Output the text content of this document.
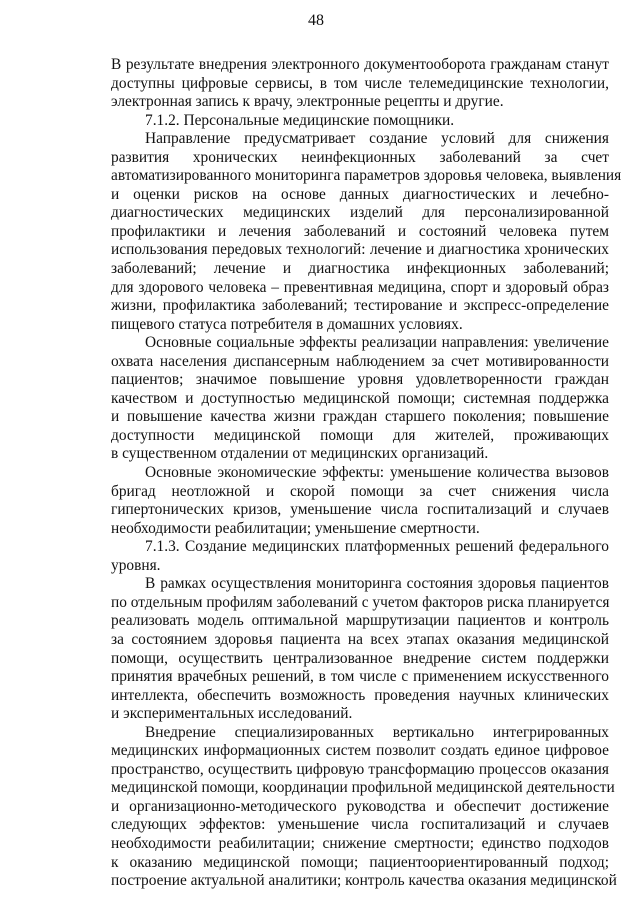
48
В результате внедрения электронного документооборота гражданам станут
доступны цифровые сервисы, в том числе телемедицинские технологии,
электронная запись к врачу, электронные рецепты и другие.
7.1.2. Персональные медицинские помощники.
Направление предусматривает создание условий для снижения
развития хронических неинфекционных заболеваний за счет
автоматизированного мониторинга параметров здоровья человека, выявления
и оценки рисков на основе данных диагностических и лечебно-
диагностических медицинских изделий для персонализированной
профилактики и лечения заболеваний и состояний человека путем
использования передовых технологий: лечение и диагностика хронических
заболеваний; лечение и диагностика инфекционных заболеваний;
для здорового человека – превентивная медицина, спорт и здоровый образ
жизни, профилактика заболеваний; тестирование и экспресс-определение
пищевого статуса потребителя в домашних условиях.
Основные социальные эффекты реализации направления: увеличение
охвата населения диспансерным наблюдением за счет мотивированности
пациентов; значимое повышение уровня удовлетворенности граждан
качеством и доступностью медицинской помощи; системная поддержка
и повышение качества жизни граждан старшего поколения; повышение
доступности медицинской помощи для жителей, проживающих
в существенном отдалении от медицинских организаций.
Основные экономические эффекты: уменьшение количества вызовов
бригад неотложной и скорой помощи за счет снижения числа
гипертонических кризов, уменьшение числа госпитализаций и случаев
необходимости реабилитации; уменьшение смертности.
7.1.3. Создание медицинских платформенных решений федерального
уровня.
В рамках осуществления мониторинга состояния здоровья пациентов
по отдельным профилям заболеваний с учетом факторов риска планируется
реализовать модель оптимальной маршрутизации пациентов и контроль
за состоянием здоровья пациента на всех этапах оказания медицинской
помощи, осуществить централизованное внедрение систем поддержки
принятия врачебных решений, в том числе с применением искусственного
интеллекта, обеспечить возможность проведения научных клинических
и экспериментальных исследований.
Внедрение специализированных вертикально интегрированных
медицинских информационных систем позволит создать единое цифровое
пространство, осуществить цифровую трансформацию процессов оказания
медицинской помощи, координации профильной медицинской деятельности
и организационно-методического руководства и обеспечит достижение
следующих эффектов: уменьшение числа госпитализаций и случаев
необходимости реабилитации; снижение смертности; единство подходов
к оказанию медицинской помощи; пациентоориентированный подход;
построение актуальной аналитики; контроль качества оказания медицинской
